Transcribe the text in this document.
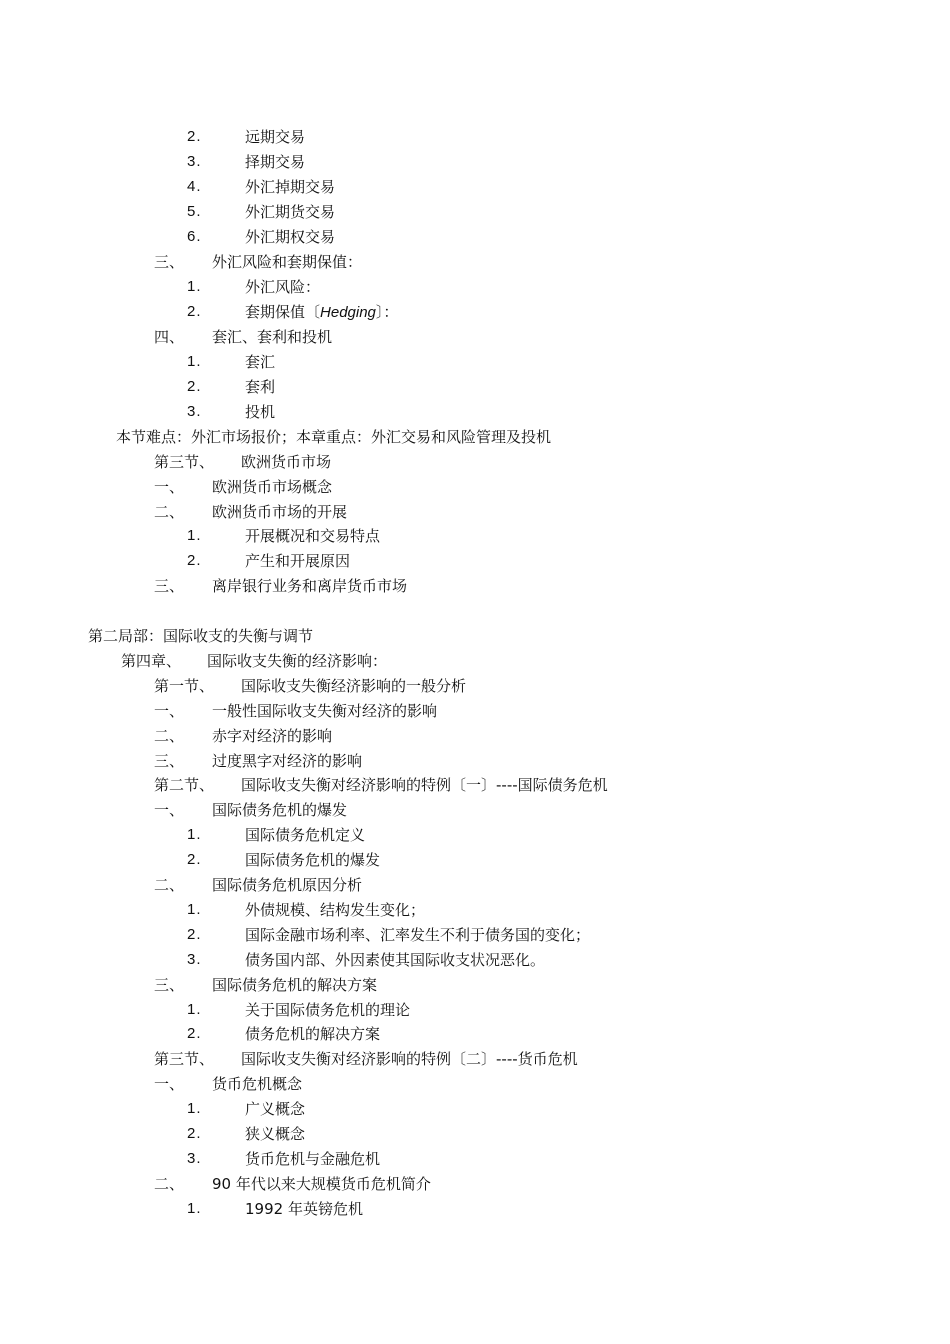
2.	远期交易
3.	择期交易
4.	外汇掉期交易
5.	外汇期货交易
6.	外汇期权交易
三、 外汇风险和套期保值：
1.	外汇风险：
2.	套期保值〔Hedging〕：
四、 套汇、套利和投机
1.	套汇
2.	套利
3.	投机
本节难点：外汇市场报价；本章重点：外汇交易和风险管理及投机
第三节、 欧洲货币市场
一、 欧洲货币市场概念
二、 欧洲货币市场的开展
1.	开展概况和交易特点
2.	产生和开展原因
三、 离岸银行业务和离岸货币市场
第二局部：国际收支的失衡与调节
第四章、 国际收支失衡的经济影响：
第一节、 国际收支失衡经济影响的一般分析
一、 一般性国际收支失衡对经济的影响
二、 赤字对经济的影响
三、 过度黑字对经济的影响
第二节、 国际收支失衡对经济影响的特例〔一〕----国际债务危机
一、 国际债务危机的爆发
1.	国际债务危机定义
2.	国际债务危机的爆发
二、 国际债务危机原因分析
1.	外债规模、结构发生变化；
2.	国际金融市场利率、汇率发生不利于债务国的变化；
3.	债务国内部、外因素使其国际收支状况恶化。
三、 国际债务危机的解决方案
1.	关于国际债务危机的理论
2.	债务危机的解决方案
第三节、 国际收支失衡对经济影响的特例〔二〕----货币危机
一、 货币危机概念
1.	广义概念
2.	狭义概念
3.	货币危机与金融危机
二、 90 年代以来大规模货币危机简介
1.	1992 年英镑危机
